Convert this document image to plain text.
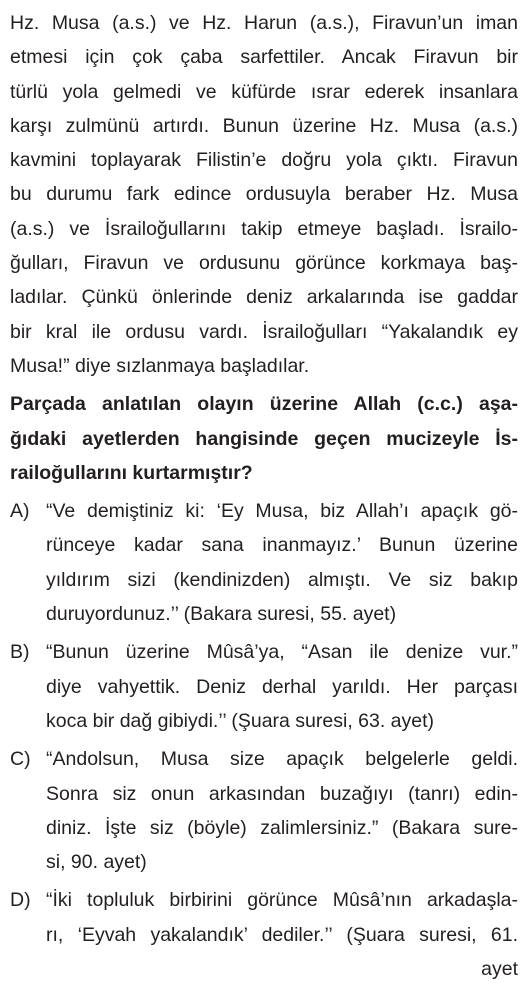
Hz. Musa (a.s.) ve Hz. Harun (a.s.), Firavun’un iman
etmesi için çok çaba sarfettiler. Ancak Firavun bir
türlü yola gelmedi ve küfürde ısrar ederek insanlara
karşı zulmünü artırdı. Bunun üzerine Hz. Musa (a.s.)
kavmini toplayarak Filistin’e doğru yola çıktı. Firavun
bu durumu fark edince ordusuyla beraber Hz. Musa
(a.s.) ve İsrailoğullarını takip etmeye başladı. İsrailo-
ğulları, Firavun ve ordusunu görünce korkmaya baş-
ladılar. Çünkü önlerinde deniz arkalarında ise gaddar
bir kral ile ordusu vardı. İsrailoğulları “Yakalandık ey
Musa!” diye sızlanmaya başladılar.
Parçada anlatılan olayın üzerine Allah (c.c.) aşa-
ğıdaki ayetlerden hangisinde geçen mucizeyle İs-
railoğullarını kurtarmıştır?
A) “Ve demiştiniz ki: ‘Ey Musa, biz Allah’ı apaçık gö-
rünceye kadar sana inanmayız.’ Bunun üzerine
yıldırım sizi (kendinizden) almıştı. Ve siz bakıp
duruyordunuz.’’ (Bakara suresi, 55. ayet)
B) “Bunun üzerine Mûsâ’ya, “Asan ile denize vur.”
diye vahyettik. Deniz derhal yarıldı. Her parçası
koca bir dağ gibiydi.’’ (Şuara suresi, 63. ayet)
C) “Andolsun, Musa size apaçık belgelerle geldi.
Sonra siz onun arkasından buzağıyı (tanrı) edin-
diniz. İşte siz (böyle) zalimlersiniz.” (Bakara sure-
si, 90. ayet)
D) “İki topluluk birbirini görünce Mûsâ’nın arkadaşla-
rı, ‘Eyvah yakalandık’ dediler.’’ (Şuara suresi, 61.
ayet
